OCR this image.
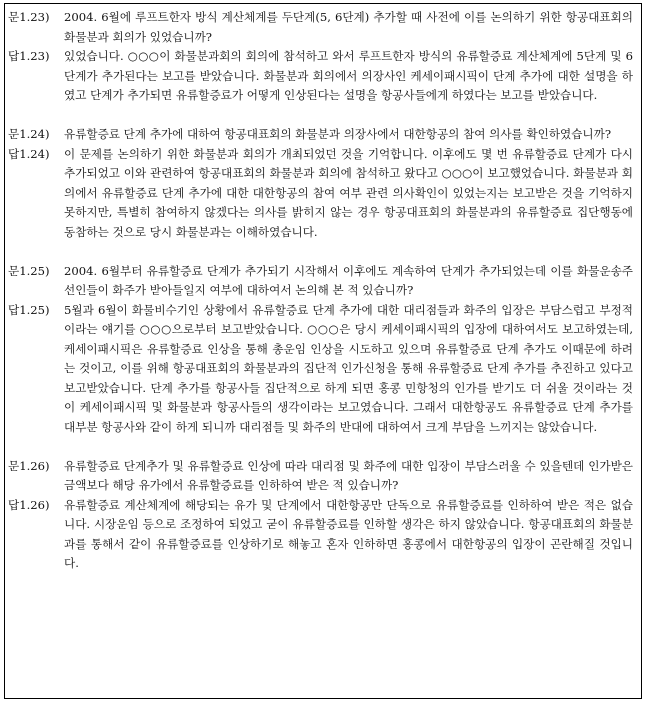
문1.23) 2004. 6월에 루프트한자 방식 계산체계를 두단계(5, 6단계) 추가할 때 사전에 이를 논의하기 위한 항공대표회의 화물분과 회의가 있었습니까?
답1.23) 있었습니다. ○○○이 화물분과회의 회의에 참석하고 와서 루프트한자 방식의 유류할증료 계산체계에 5단계 및 6단계가 추가된다는 보고를 받았습니다. 화물분과 회의에서 의장사인 케세이패시픽이 단계 추가에 대한 설명을 하였고 단계가 추가되면 유류할증료가 어떻게 인상된다는 설명을 항공사들에게 하였다는 보고를 받았습니다.
문1.24) 유류할증료 단계 추가에 대하여 항공대표회의 화물분과 의장사에서 대한항공의 참여 의사를 확인하였습니까?
답1.24) 이 문제를 논의하기 위한 화물분과 회의가 개최되었던 것을 기억합니다. 이후에도 몇 번 유류할증료 단계가 다시 추가되었고 이와 관련하여 항공대표회의 화물분과 회의에 참석하고 왔다고 ○○○이 보고했었습니다. 화물분과 회의에서 유류할증료 단계 추가에 대한 대한항공의 참여 여부 관련 의사확인이 있었는지는 보고받은 것을 기억하지 못하지만, 특별히 참여하지 않겠다는 의사를 밝히지 않는 경우 항공대표회의 화물분과의 유류할증료 집단행동에 동참하는 것으로 당시 화물분과는 이해하였습니다.
문1.25) 2004. 6월부터 유류할증료 단계가 추가되기 시작해서 이후에도 계속하여 단계가 추가되었는데 이를 화물운송주선인들이 화주가 받아들일지 여부에 대하여서 논의해 본 적 있습니까?
답1.25) 5월과 6월이 화물비수기인 상황에서 유류할증료 단계 추가에 대한 대리점들과 화주의 입장은 부담스럽고 부정적이라는 얘기를 ○○○으로부터 보고받았습니다. ○○○은 당시 케세이패시픽의 입장에 대하여서도 보고하였는데, 케세이패시픽은 유류할증료 인상을 통해 총운임 인상을 시도하고 있으며 유류할증료 단계 추가도 이때문에 하려는 것이고, 이를 위해 항공대표회의 화물분과의 집단적 인가신청을 통해 유류할증료 단계 추가를 추진하고 있다고 보고받았습니다. 단계 추가를 항공사들 집단적으로 하게 되면 홍콩 민항청의 인가를 받기도 더 쉬울 것이라는 것이 케세이패시픽 및 화물분과 항공사들의 생각이라는 보고였습니다. 그래서 대한항공도 유류할증료 단계 추가를 대부분 항공사와 같이 하게 되니까 대리점들 및 화주의 반대에 대하여서 크게 부담을 느끼지는 않았습니다.
문1.26) 유류할증료 단계추가 및 유류할증료 인상에 따라 대리점 및 화주에 대한 입장이 부담스러울 수 있을텐데 인가받은 금액보다 해당 유가에서 유류할증료를 인하하여 받은 적 있습니까?
답1.26) 유류할증료 계산체계에 해당되는 유가 및 단계에서 대한항공만 단독으로 유류할증료를 인하하여 받은 적은 없습니다. 시장운임 등으로 조정하여 되었고 굳이 유류할증료를 인하할 생각은 하지 않았습니다. 항공대표회의 화물분과를 통해서 같이 유류할증료를 인상하기로 해놓고 혼자 인하하면 홍콩에서 대한항공의 입장이 곤란해질 것입니다.
